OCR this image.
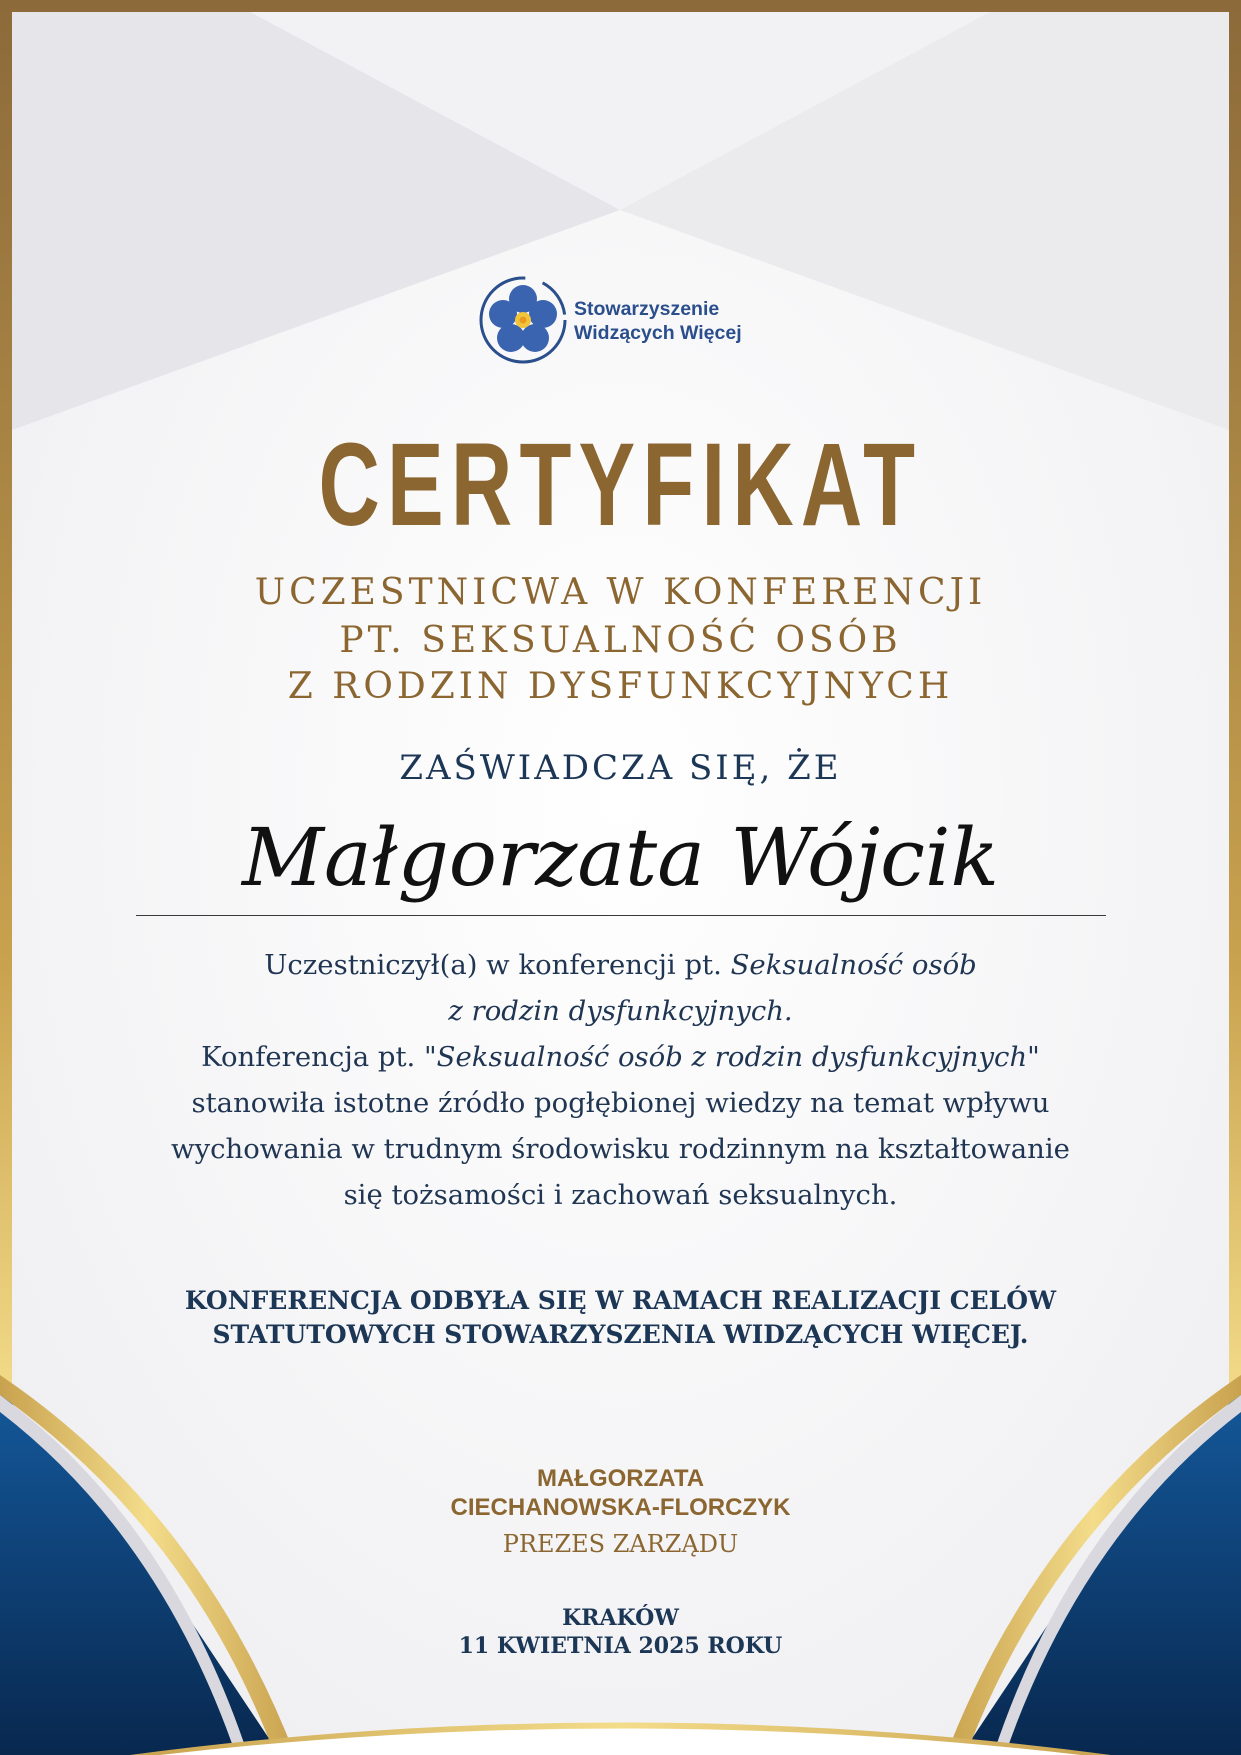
Stowarzyszenie
Widzących Więcej
CERTYFIKAT
UCZESTNICWA W KONFERENCJI
PT. SEKSUALNOŚĆ OSÓB
Z RODZIN DYSFUNKCYJNYCH
ZAŚWIADCZA SIĘ, ŻE
Małgorzata Wójcik
Uczestniczył(a) w konferencji pt. Seksualność osób
z rodzin dysfunkcyjnych.
Konferencja pt. "Seksualność osób z rodzin dysfunkcyjnych"
stanowiła istotne źródło pogłębionej wiedzy na temat wpływu
wychowania w trudnym środowisku rodzinnym na kształtowanie
się tożsamości i zachowań seksualnych.
KONFERENCJA ODBYŁA SIĘ W RAMACH REALIZACJI CELÓW
STATUTOWYCH STOWARZYSZENIA WIDZĄCYCH WIĘCEJ.
MAŁGORZATA
CIECHANOWSKA-FLORCZYK
PREZES ZARZĄDU
KRAKÓW
11 KWIETNIA 2025 ROKU
